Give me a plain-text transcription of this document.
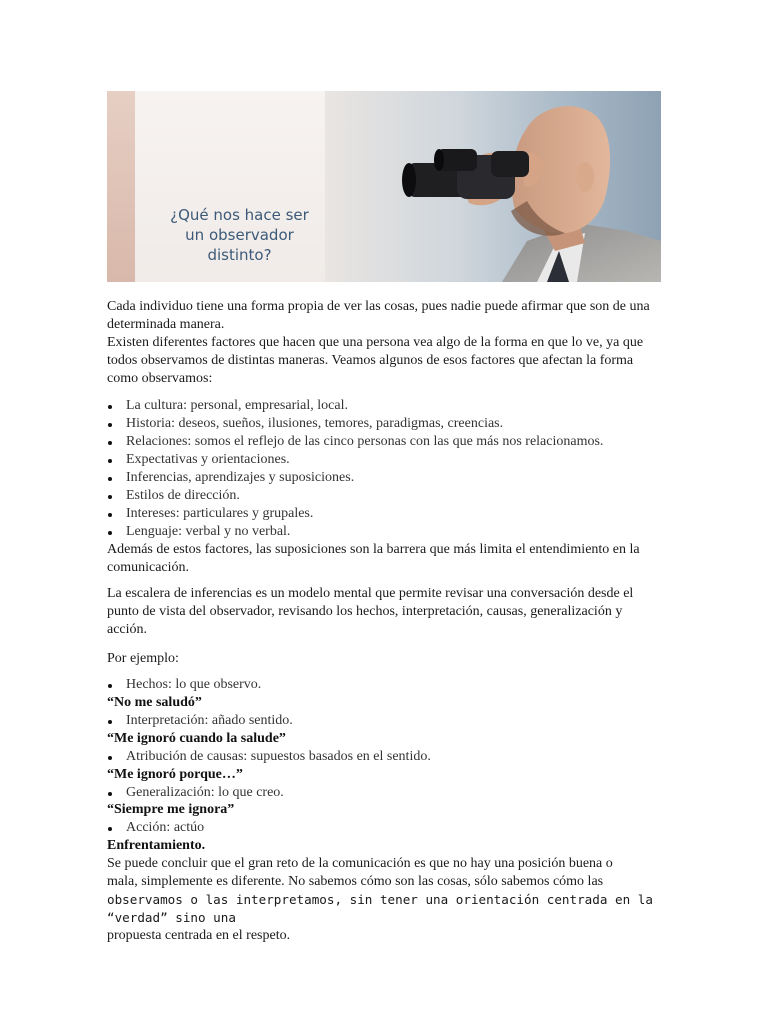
¿Qué nos hace ser
un observador
distinto?

Cada individuo tiene una forma propia de ver las cosas, pues nadie puede afirmar que son de una determinada manera.

Existen diferentes factores que hacen que una persona vea algo de la forma en que lo ve, ya que todos observamos de distintas maneras. Veamos algunos de esos factores que afectan la forma como observamos:

La cultura: personal, empresarial, local.
Historia: deseos, sueños, ilusiones, temores, paradigmas, creencias.
Relaciones: somos el reflejo de las cinco personas con las que más nos relacionamos.
Expectativas y orientaciones.
Inferencias, aprendizajes y suposiciones.
Estilos de dirección.
Intereses: particulares y grupales.
Lenguaje: verbal y no verbal.
Además de estos factores, las suposiciones son la barrera que más limita el entendimiento en la comunicación.
La escalera de inferencias es un modelo mental que permite revisar una conversación desde el punto de vista del observador, revisando los hechos, interpretación, causas, generalización y acción.
Por ejemplo:
Hechos: lo que observo.
“No me saludó”
Interpretación: añado sentido.
“Me ignoró cuando la salude”
Atribución de causas: supuestos basados en el sentido.
“Me ignoró porque…”
Generalización: lo que creo.
“Siempre me ignora”
Acción: actúo
Enfrentamiento.
Se puede concluir que el gran reto de la comunicación es que no hay una posición buena o
mala, simplemente es diferente. No sabemos cómo son las cosas, sólo sabemos cómo las
observamos o las interpretamos, sin tener una orientación centrada en la “verdad” sino una
propuesta centrada en el respeto.
